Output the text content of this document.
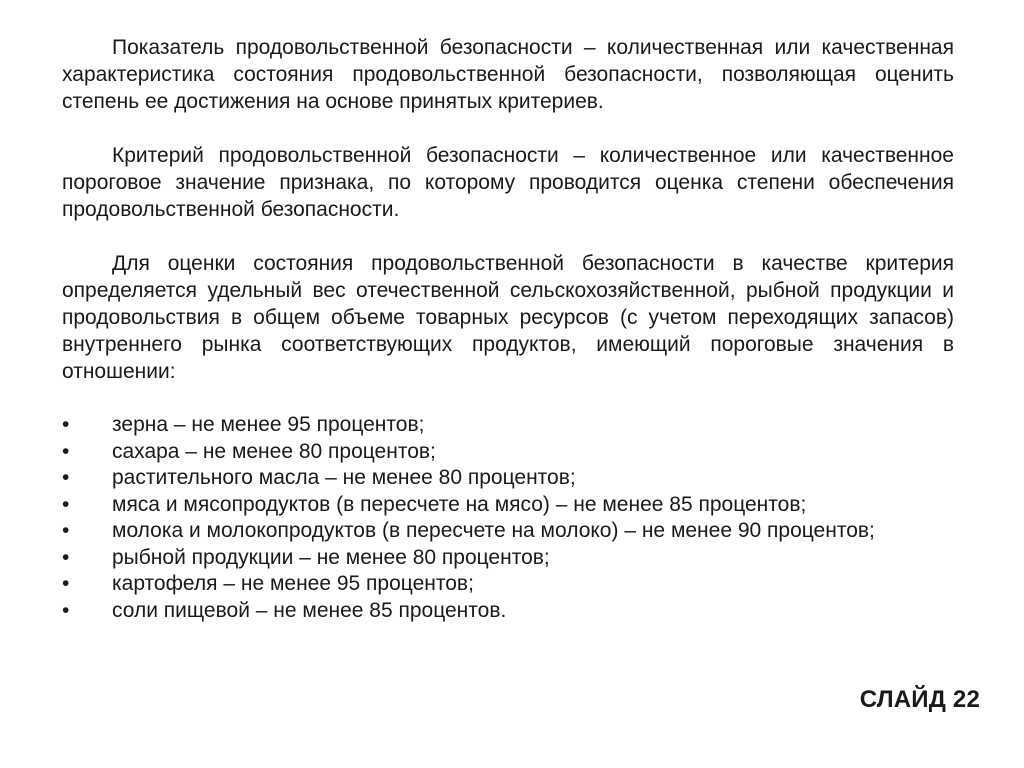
Показатель продовольственной безопасности – количественная или качественная характеристика состояния продовольственной безопасности, позволяющая оценить степень ее достижения на основе принятых критериев.

Критерий продовольственной безопасности – количественное или качественное пороговое значение признака, по которому проводится оценка степени обеспечения продовольственной безопасности.

Для оценки состояния продовольственной безопасности в качестве критерия определяется удельный вес отечественной сельскохозяйственной, рыбной продукции и продовольствия в общем объеме товарных ресурсов (с учетом переходящих запасов) внутреннего рынка соответствующих продуктов, имеющий пороговые значения в отношении:

• зерна – не менее 95 процентов;
• сахара – не менее 80 процентов;
• растительного масла – не менее 80 процентов;
• мяса и мясопродуктов (в пересчете на мясо) – не менее 85 процентов;
• молока и молокопродуктов (в пересчете на молоко) – не менее 90 процентов;
• рыбной продукции – не менее 80 процентов;
• картофеля – не менее 95 процентов;
• соли пищевой – не менее 85 процентов.
СЛАЙД 22
